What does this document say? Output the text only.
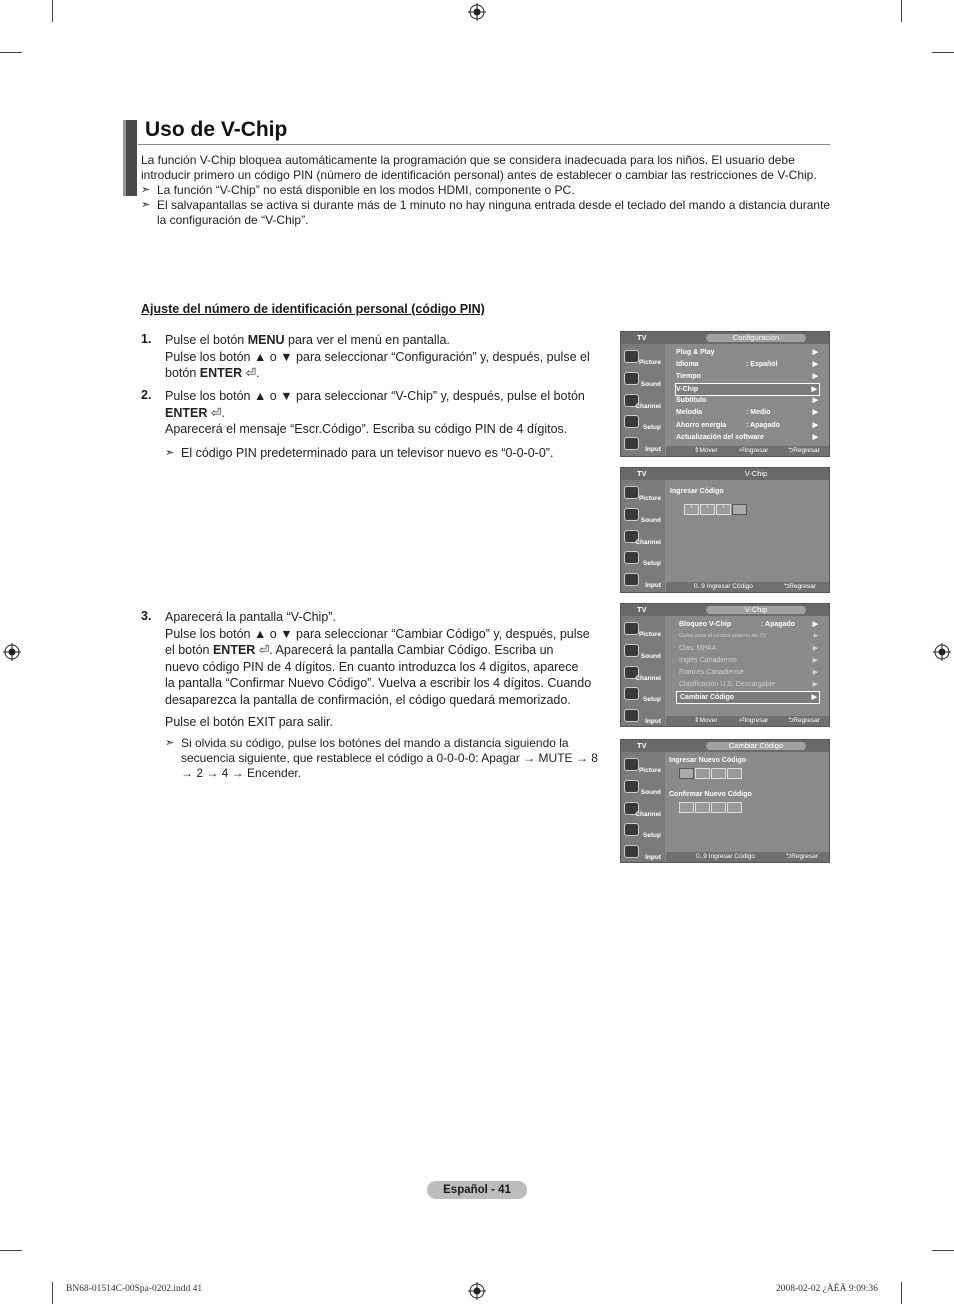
Uso de V-Chip
La función V-Chip bloquea automáticamente la programación que se considera inadecuada para los niños. El usuario debe introducir primero un código PIN (número de identificación personal) antes de establecer o cambiar las restricciones de V-Chip.
➣ La función “V-Chip” no está disponible en los modos HDMI, componente o PC.
➣ El salvapantallas se activa si durante más de 1 minuto no hay ninguna entrada desde el teclado del mando a distancia durante la configuración de “V-Chip”.
Ajuste del número de identificación personal (código PIN)
1. Pulse el botón MENU para ver el menú en pantalla.
Pulse los botón ▲ o ▼ para seleccionar “Configuración” y, después, pulse el
botón ENTER ⏎.
2. Pulse los botón ▲ o ▼ para seleccionar “V-Chip” y, después, pulse el botón
ENTER ⏎.
Aparecerá el mensaje “Escr.Código”. Escriba su código PIN de 4 dígitos.
➣ El código PIN predeterminado para un televisor nuevo es “0-0-0-0”.
3. Aparecerá la pantalla “V-Chip”.
Pulse los botón ▲ o ▼ para seleccionar “Cambiar Código” y, después, pulse
el botón ENTER ⏎. Aparecerá la pantalla Cambiar Código. Escriba un
nuevo código PIN de 4 dígitos. En cuanto introduzca los 4 dígitos, aparece
la pantalla “Confirmar Nuevo Código”. Vuelva a escribir los 4 dígitos. Cuando
desaparezca la pantalla de confirmación, el código quedará memorizado.
Pulse el botón EXIT para salir.
➣ Si olvida su código, pulse los botónes del mando a distancia siguiendo la
secuencia siguiente, que restablece el código a 0-0-0-0: Apagar → MUTE → 8
→ 2 → 4 → Encender.
TV	Configuración
Picture
Sound
Channel
Setup
Input
Plug & Play	▶
Idioma	: Español	▶
Tiempo	▶
V-Chip	▶
Subtítulo	▶
Melodía	: Medio	▶
Ahorro energía	: Apagado	▶
Actualización del software	▶
⇕ Mover	⏎ Ingresar	⮌ Regresar
TV	V-Chip
Picture
Sound
Channel
Setup
Input
Ingresar Código
*	*	*
0..9 Ingresar Código	⮌ Regresar
TV	V-Chip
Picture
Sound
Channel
Setup
Input
Bloqueo V-Chip	: Apagado	▶
Guías para el control paterno de TV	▶
Clas. MPAA	▶
Inglés Canadiense	▶
Francés Canadiense	▶
Clasificación U.S. Descargable	▶
Cambiar Código	▶
⇕ Mover	⏎ Ingresar	⮌ Regresar
TV	Cambiar Código
Picture
Sound
Channel
Setup
Input
Ingresar Nuevo Código
Confirmar Nuevo Código
0..9 Ingresar Código	⮌ Regresar
Español - 41
BN68-01514C-00Spa-0202.indd 41	2008-02-02 ¿ÀÈÄ 9:09:36
